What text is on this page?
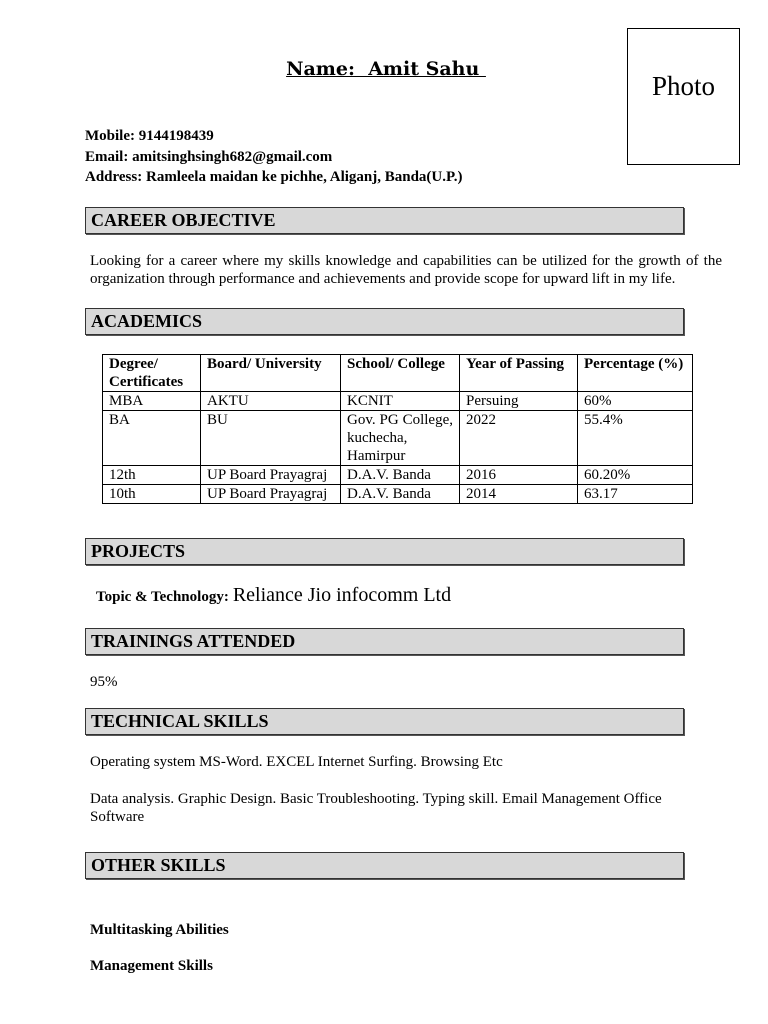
Name:  Amit Sahu
Photo
Mobile: 9144198439
Email: amitsinghsingh682@gmail.com
Address: Ramleela maidan ke pichhe, Aliganj, Banda(U.P.)
CAREER OBJECTIVE
Looking for a career where my skills knowledge and capabilities can be utilized for the growth of the organization through performance and achievements and provide scope for upward lift in my life.
ACADEMICS
Degree/ Certificates	Board/ University	School/ College	Year of Passing	Percentage (%)
MBA	AKTU	KCNIT	Persuing	60%
BA	BU	Gov. PG College, kuchecha, Hamirpur	2022	55.4%
12th	UP Board Prayagraj	D.A.V. Banda	2016	60.20%
10th	UP Board Prayagraj	D.A.V. Banda	2014	63.17
PROJECTS
Topic & Technology: Reliance Jio infocomm Ltd
TRAININGS ATTENDED
95%
TECHNICAL SKILLS
Operating system MS-Word. EXCEL Internet Surfing. Browsing Etc
Data analysis. Graphic Design. Basic Troubleshooting. Typing skill. Email Management Office Software
OTHER SKILLS
Multitasking Abilities
Management Skills
